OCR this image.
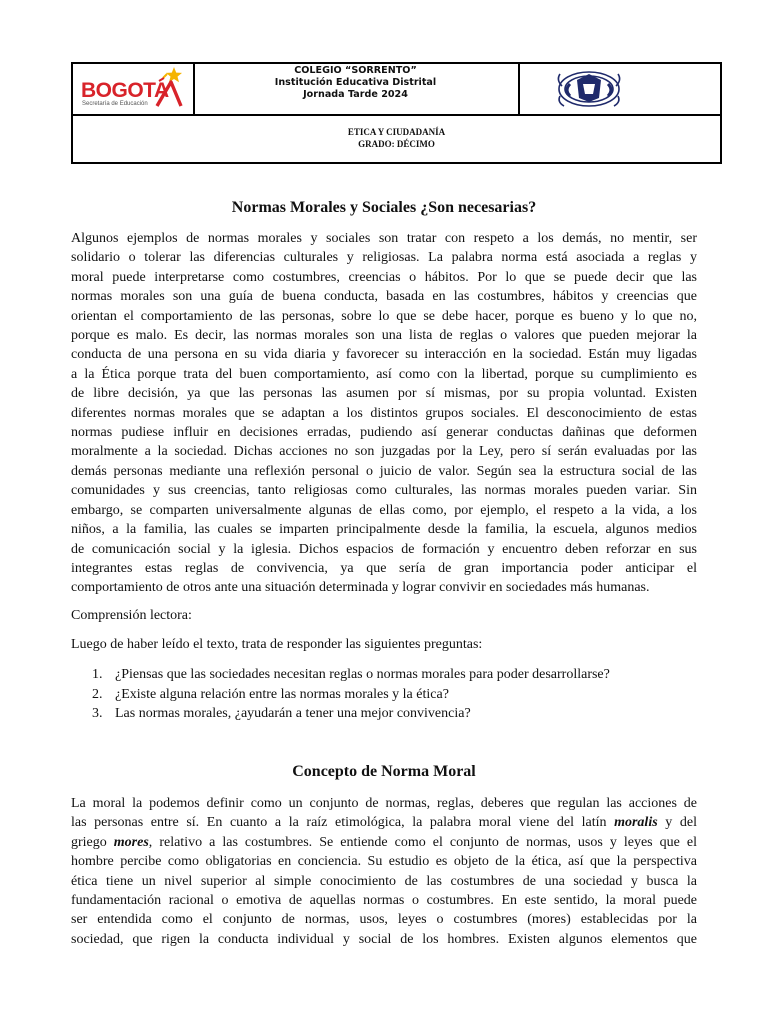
BOGOTA
Secretaría de Educación
COLEGIO “SORRENTO”
Institución Educativa Distrital
Jornada Tarde 2024
ETICA Y CIUDADANÍA
GRADO: DÉCIMO
Normas Morales y Sociales ¿Son necesarias?
Algunos ejemplos de normas morales y sociales son tratar con respeto a los demás, no mentir, ser
solidario o tolerar las diferencias culturales y religiosas. La palabra norma está asociada a reglas y
moral puede interpretarse como costumbres, creencias o hábitos. Por lo que se puede decir que las
normas morales son una guía de buena conducta, basada en las costumbres, hábitos y creencias que
orientan el comportamiento de las personas, sobre lo que se debe hacer, porque es bueno y lo que no,
porque es malo. Es decir, las normas morales son una lista de reglas o valores que pueden mejorar la
conducta de una persona en su vida diaria y favorecer su interacción en la sociedad. Están muy ligadas
a la Ética porque trata del buen comportamiento, así como con la libertad, porque su cumplimiento es
de libre decisión, ya que las personas las asumen por sí mismas, por su propia voluntad. Existen
diferentes normas morales que se adaptan a los distintos grupos sociales. El desconocimiento de estas
normas pudiese influir en decisiones erradas, pudiendo así generar conductas dañinas que deformen
moralmente a la sociedad. Dichas acciones no son juzgadas por la Ley, pero sí serán evaluadas por las
demás personas mediante una reflexión personal o juicio de valor. Según sea la estructura social de las
comunidades y sus creencias, tanto religiosas como culturales, las normas morales pueden variar. Sin
embargo, se comparten universalmente algunas de ellas como, por ejemplo, el respeto a la vida, a los
niños, a la familia, las cuales se imparten principalmente desde la familia, la escuela, algunos medios
de comunicación social y la iglesia. Dichos espacios de formación y encuentro deben reforzar en sus
integrantes estas reglas de convivencia, ya que sería de gran importancia poder anticipar el
comportamiento de otros ante una situación determinada y lograr convivir en sociedades más humanas.

Comprensión lectora:

Luego de haber leído el texto, trata de responder las siguientes preguntas:

1. ¿Piensas que las sociedades necesitan reglas o normas morales para poder desarrollarse?
2. ¿Existe alguna relación entre las normas morales y la ética?
3. Las normas morales, ¿ayudarán a tener una mejor convivencia?
Concepto de Norma Moral
La moral la podemos definir como un conjunto de normas, reglas, deberes que regulan las acciones de
las personas entre sí. En cuanto a la raíz etimológica, la palabra moral viene del latín moralis y del
griego mores, relativo a las costumbres. Se entiende como el conjunto de normas, usos y leyes que el
hombre percibe como obligatorias en conciencia. Su estudio es objeto de la ética, así que la perspectiva
ética tiene un nivel superior al simple conocimiento de las costumbres de una sociedad y busca la
fundamentación racional o emotiva de aquellas normas o costumbres. En este sentido, la moral puede
ser entendida como el conjunto de normas, usos, leyes o costumbres (mores) establecidas por la
sociedad, que rigen la conducta individual y social de los hombres. Existen algunos elementos que
